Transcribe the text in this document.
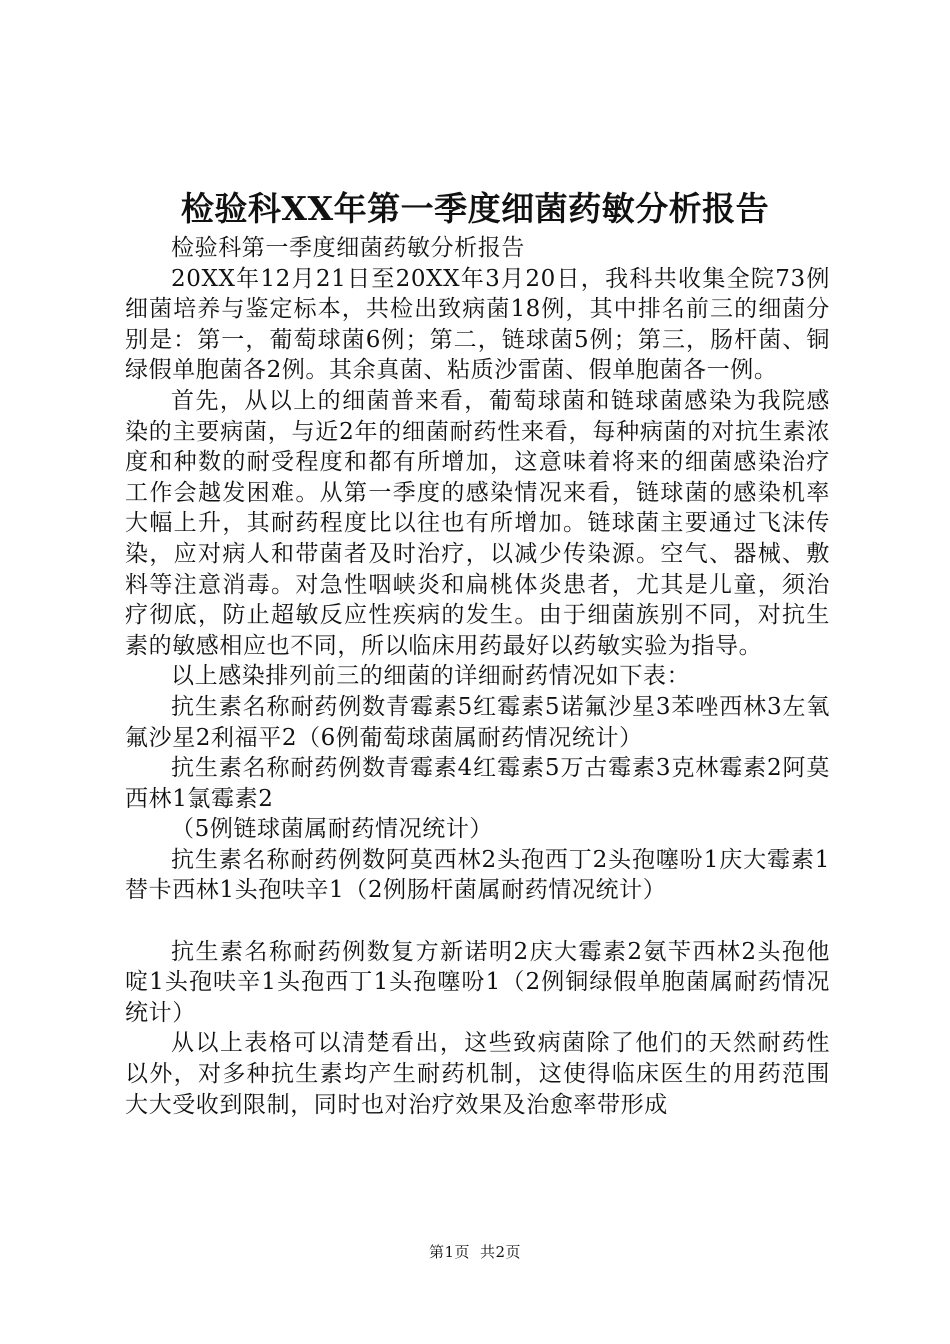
检验科XX年第一季度细菌药敏分析报告

检验科第一季度细菌药敏分析报告

20XX年12月21日至20XX年3月20日，我科共收集全院73例细菌培养与鉴定标本，共检出致病菌18例，其中排名前三的细菌分别是：第一，葡萄球菌6例；第二，链球菌5例；第三，肠杆菌、铜绿假单胞菌各2例。其余真菌、粘质沙雷菌、假单胞菌各一例。

首先，从以上的细菌普来看，葡萄球菌和链球菌感染为我院感染的主要病菌，与近2年的细菌耐药性来看，每种病菌的对抗生素浓度和种数的耐受程度和都有所增加，这意味着将来的细菌感染治疗工作会越发困难。从第一季度的感染情况来看，链球菌的感染机率大幅上升，其耐药程度比以往也有所增加。链球菌主要通过飞沫传染，应对病人和带菌者及时治疗，以减少传染源。空气、器械、敷料等注意消毒。对急性咽峡炎和扁桃体炎患者，尤其是儿童，须治疗彻底，防止超敏反应性疾病的发生。由于细菌族别不同，对抗生素的敏感相应也不同，所以临床用药最好以药敏实验为指导。

以上感染排列前三的细菌的详细耐药情况如下表：

抗生素名称耐药例数青霉素5红霉素5诺氟沙星3苯唑西林3左氧氟沙星2利福平2（6例葡萄球菌属耐药情况统计）

抗生素名称耐药例数青霉素4红霉素5万古霉素3克林霉素2阿莫西林1氯霉素2

（5例链球菌属耐药情况统计）

抗生素名称耐药例数阿莫西林2头孢西丁2头孢噻吩1庆大霉素1替卡西林1头孢呋辛1（2例肠杆菌属耐药情况统计）

抗生素名称耐药例数复方新诺明2庆大霉素2氨苄西林2头孢他啶1头孢呋辛1头孢西丁1头孢噻吩1（2例铜绿假单胞菌属耐药情况统计）

从以上表格可以清楚看出，这些致病菌除了他们的天然耐药性以外，对多种抗生素均产生耐药机制，这使得临床医生的用药范围大大受收到限制，同时也对治疗效果及治愈率带形成

第1页 共2页
